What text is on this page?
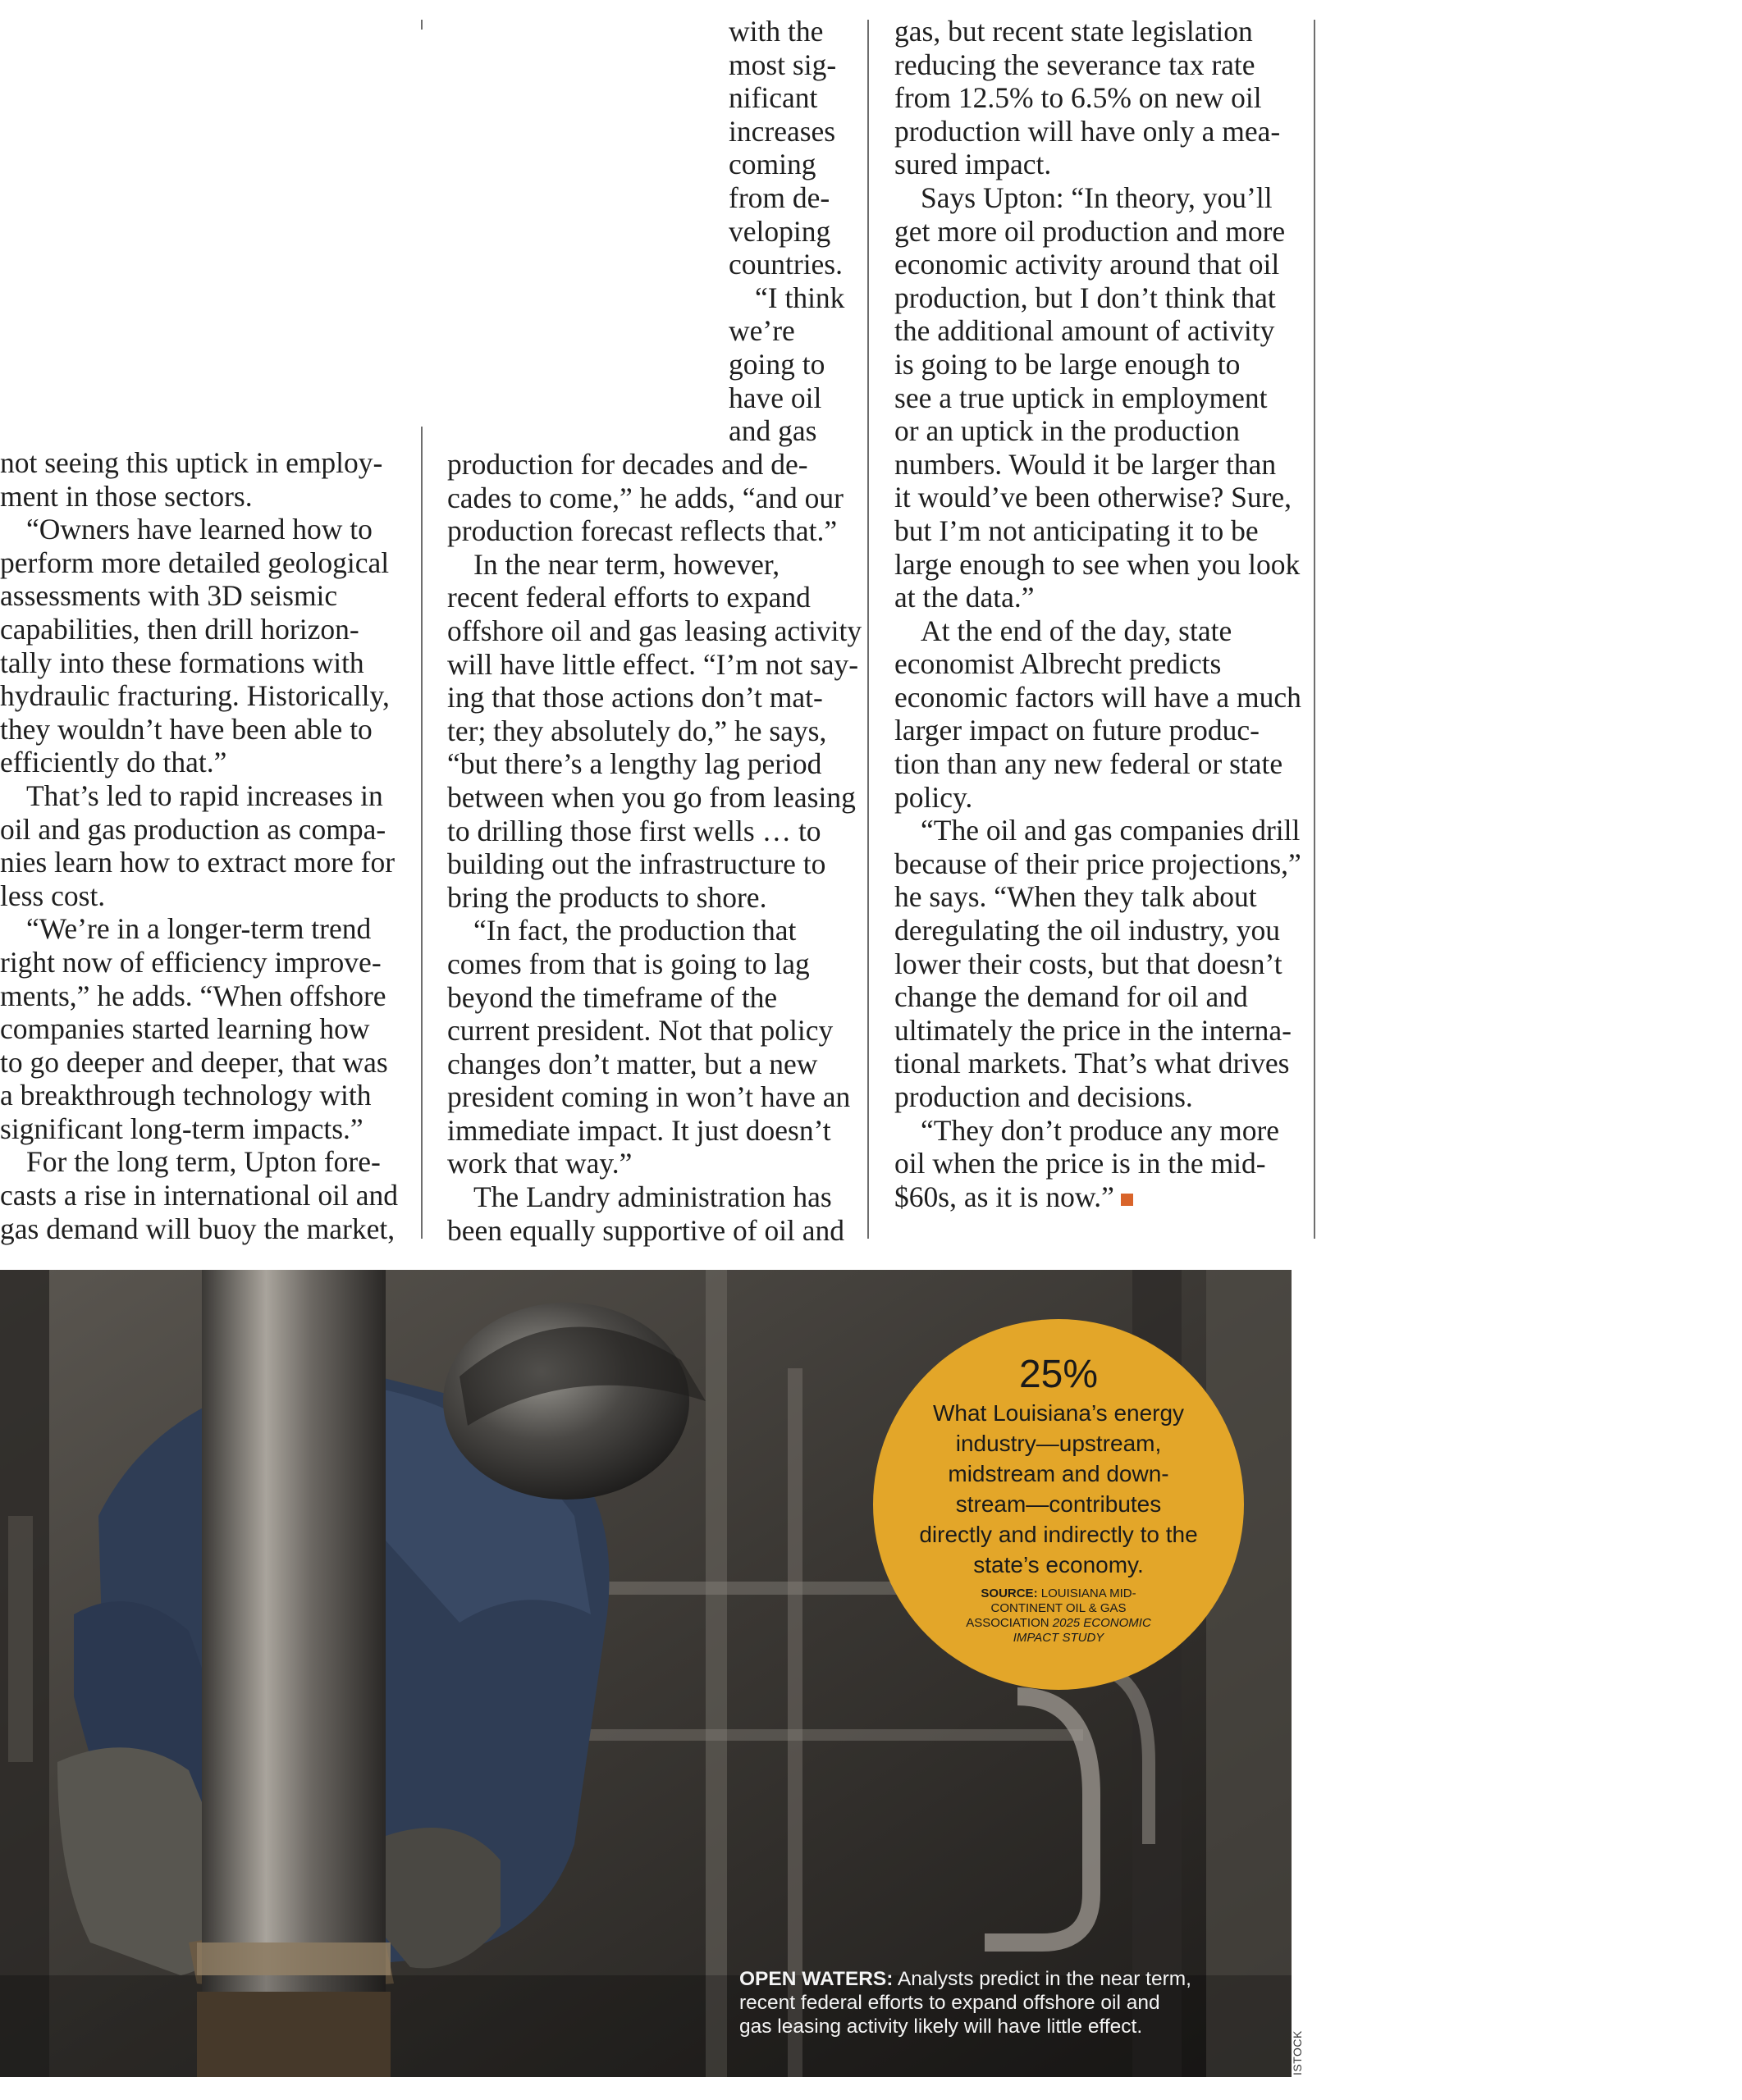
not seeing this uptick in employ-
ment in those sectors.
“Owners have learned how to
perform more detailed geological
assessments with 3D seismic
capabilities, then drill horizon-
tally into these formations with
hydraulic fracturing. Historically,
they wouldn’t have been able to
efficiently do that.”
That’s led to rapid increases in
oil and gas production as compa-
nies learn how to extract more for
less cost.
“We’re in a longer-term trend
right now of efficiency improve-
ments,” he adds. “When offshore
companies started learning how
to go deeper and deeper, that was
a breakthrough technology with
significant long-term impacts.”
For the long term, Upton fore-
casts a rise in international oil and
gas demand will buoy the market,
with the
most sig-
nificant
increases
coming
from de-
veloping
countries.
“I think
we’re
going to
have oil
and gas
production for decades and de-
cades to come,” he adds, “and our
production forecast reflects that.”
In the near term, however,
recent federal efforts to expand
offshore oil and gas leasing activity
will have little effect. “I’m not say-
ing that those actions don’t mat-
ter; they absolutely do,” he says,
“but there’s a lengthy lag period
between when you go from leasing
to drilling those first wells … to
building out the infrastructure to
bring the products to shore.
“In fact, the production that
comes from that is going to lag
beyond the timeframe of the
current president. Not that policy
changes don’t matter, but a new
president coming in won’t have an
immediate impact. It just doesn’t
work that way.”
The Landry administration has
been equally supportive of oil and
gas, but recent state legislation
reducing the severance tax rate
from 12.5% to 6.5% on new oil
production will have only a mea-
sured impact.
Says Upton: “In theory, you’ll
get more oil production and more
economic activity around that oil
production, but I don’t think that
the additional amount of activity
is going to be large enough to
see a true uptick in employment
or an uptick in the production
numbers. Would it be larger than
it would’ve been otherwise? Sure,
but I’m not anticipating it to be
large enough to see when you look
at the data.”
At the end of the day, state
economist Albrecht predicts
economic factors will have a much
larger impact on future produc-
tion than any new federal or state
policy.
“The oil and gas companies drill
because of their price projections,”
he says. “When they talk about
deregulating the oil industry, you
lower their costs, but that doesn’t
change the demand for oil and
ultimately the price in the interna-
tional markets. That’s what drives
production and decisions.
“They don’t produce any more
oil when the price is in the mid-
$60s, as it is now.”
25%
What Louisiana’s energy industry—upstream, midstream and down-stream—contributes directly and indirectly to the state’s economy.
SOURCE: LOUISIANA MID-CONTINENT OIL & GAS ASSOCIATION 2025 ECONOMIC IMPACT STUDY
OPEN WATERS: Analysts predict in the near term,
recent federal efforts to expand offshore oil and
gas leasing activity likely will have little effect.
ISTOCK
